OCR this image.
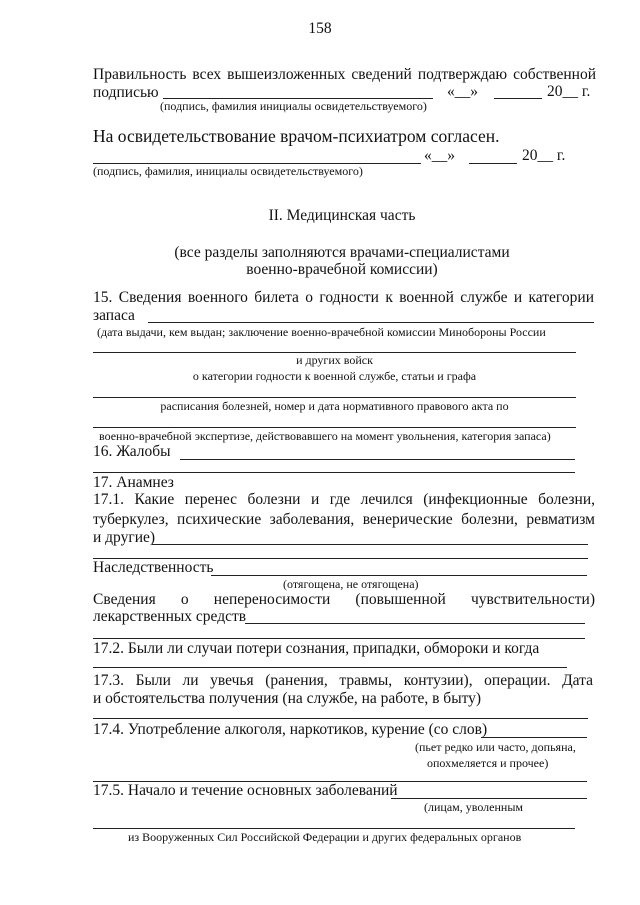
158
Правильность всех вышеизложенных сведений подтверждаю собственной
подписью	«__»	20__ г.
(подпись, фамилия инициалы освидетельствуемого)
На освидетельствование врачом-психиатром согласен.
«__»	20__ г.
(подпись, фамилия, инициалы освидетельствуемого)
II. Медицинская часть
(все разделы заполняются врачами-специалистами
военно-врачебной комиссии)
15. Сведения военного билета о годности к военной службе и категории
запаса
(дата выдачи, кем выдан; заключение военно-врачебной комиссии Минобороны России
и других войск
о категории годности к военной службе, статьи и графа
расписания болезней, номер и дата нормативного правового акта по
военно-врачебной экспертизе, действовавшего на момент увольнения, категория запаса)
16. Жалобы
17. Анамнез
17.1. Какие перенес болезни и где лечился (инфекционные болезни,
туберкулез, психические заболевания, венерические болезни, ревматизм
и другие)
Наследственность
(отягощена, не отягощена)
Сведения о непереносимости (повышенной чувствительности)
лекарственных средств
17.2. Были ли случаи потери сознания, припадки, обмороки и когда
17.3. Были ли увечья (ранения, травмы, контузии), операции. Дата
и обстоятельства получения (на службе, на работе, в быту)
17.4. Употребление алкоголя, наркотиков, курение (со слов)
(пьет редко или часто, допьяна,
опохмеляется и прочее)
17.5. Начало и течение основных заболеваний
(лицам, уволенным
из Вооруженных Сил Российской Федерации и других федеральных органов
